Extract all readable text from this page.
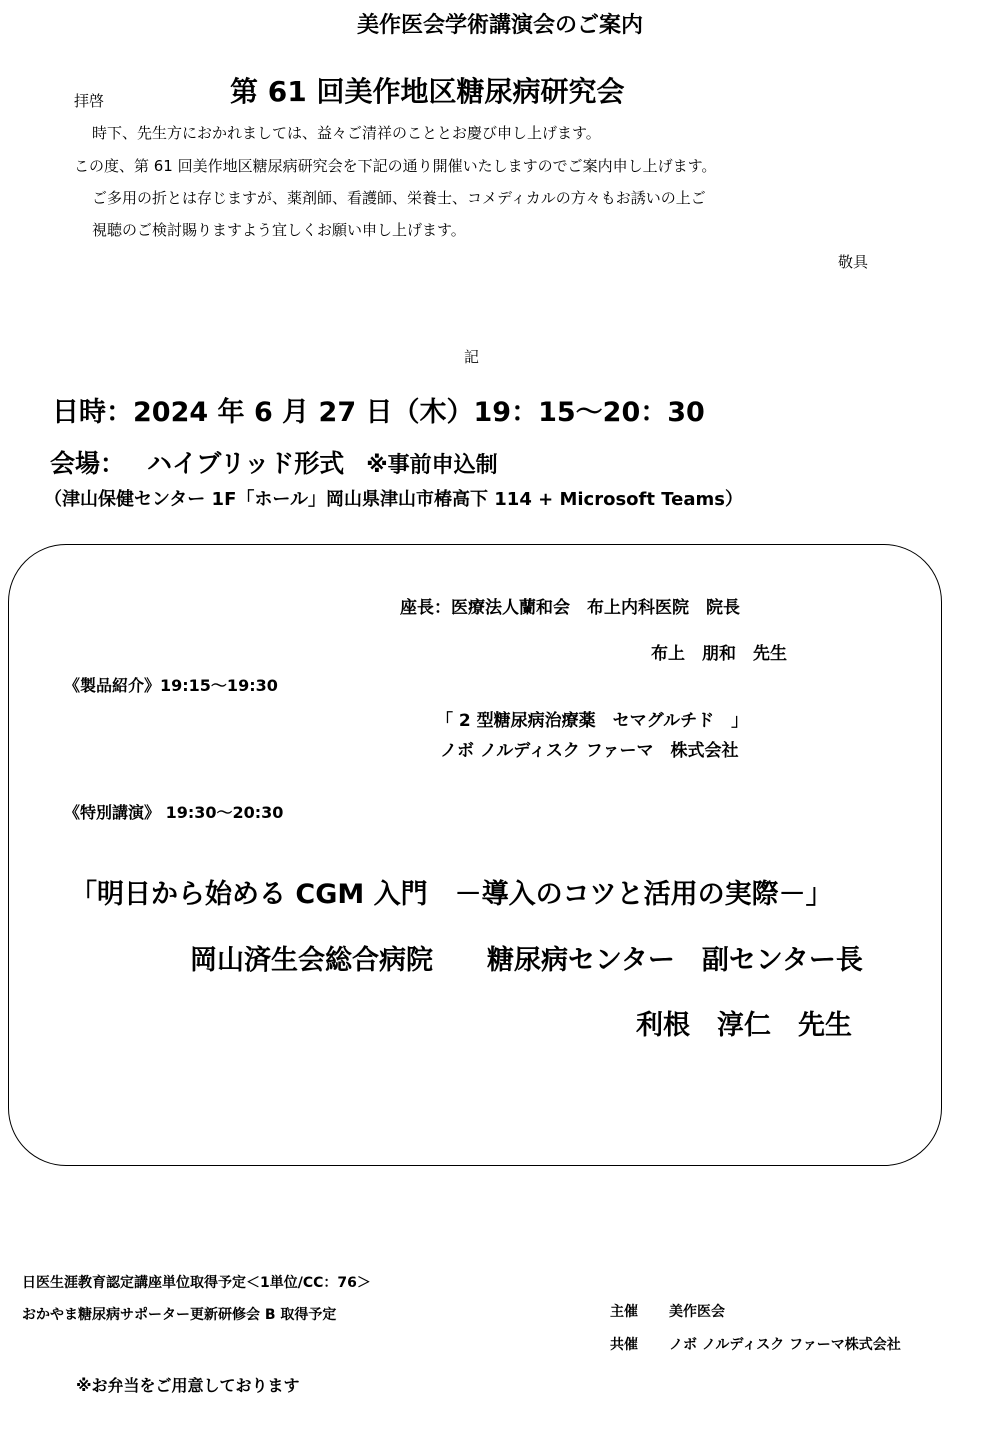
美作医会学術講演会のご案内
第 61 回美作地区糖尿病研究会
拝啓
時下、先生方におかれましては、益々ご清祥のこととお慶び申し上げます。
この度、第 61 回美作地区糖尿病研究会を下記の通り開催いたしますのでご案内申し上げます。
ご多用の折とは存じますが、薬剤師、看護師、栄養士、コメディカルの方々もお誘いの上ご
視聴のご検討賜りますよう宜しくお願い申し上げます。
敬具
記
日時：2024 年 6 月 27 日（木）19：15～20：30
会場： ハイブリッド形式 ※事前申込制
（津山保健センター 1F「ホール」岡山県津山市椿高下 114 + Microsoft Teams）
座長：医療法人蘭和会　布上内科医院　院長
布上　朋和　先生
《製品紹介》19:15～19:30
「 2 型糖尿病治療薬　セマグルチド　」
ノボ ノルディスク ファーマ　株式会社
《特別講演》 19:30～20:30
「明日から始める CGM 入門　－導入のコツと活用の実際－」
岡山済生会総合病院　　糖尿病センター　副センター長
利根　淳仁　先生
日医生涯教育認定講座単位取得予定＜1単位/CC：76＞
おかやま糖尿病サポーター更新研修会 B 取得予定	主催 美作医会
共催 ノボ ノルディスク ファーマ株式会社
※お弁当をご用意しております
